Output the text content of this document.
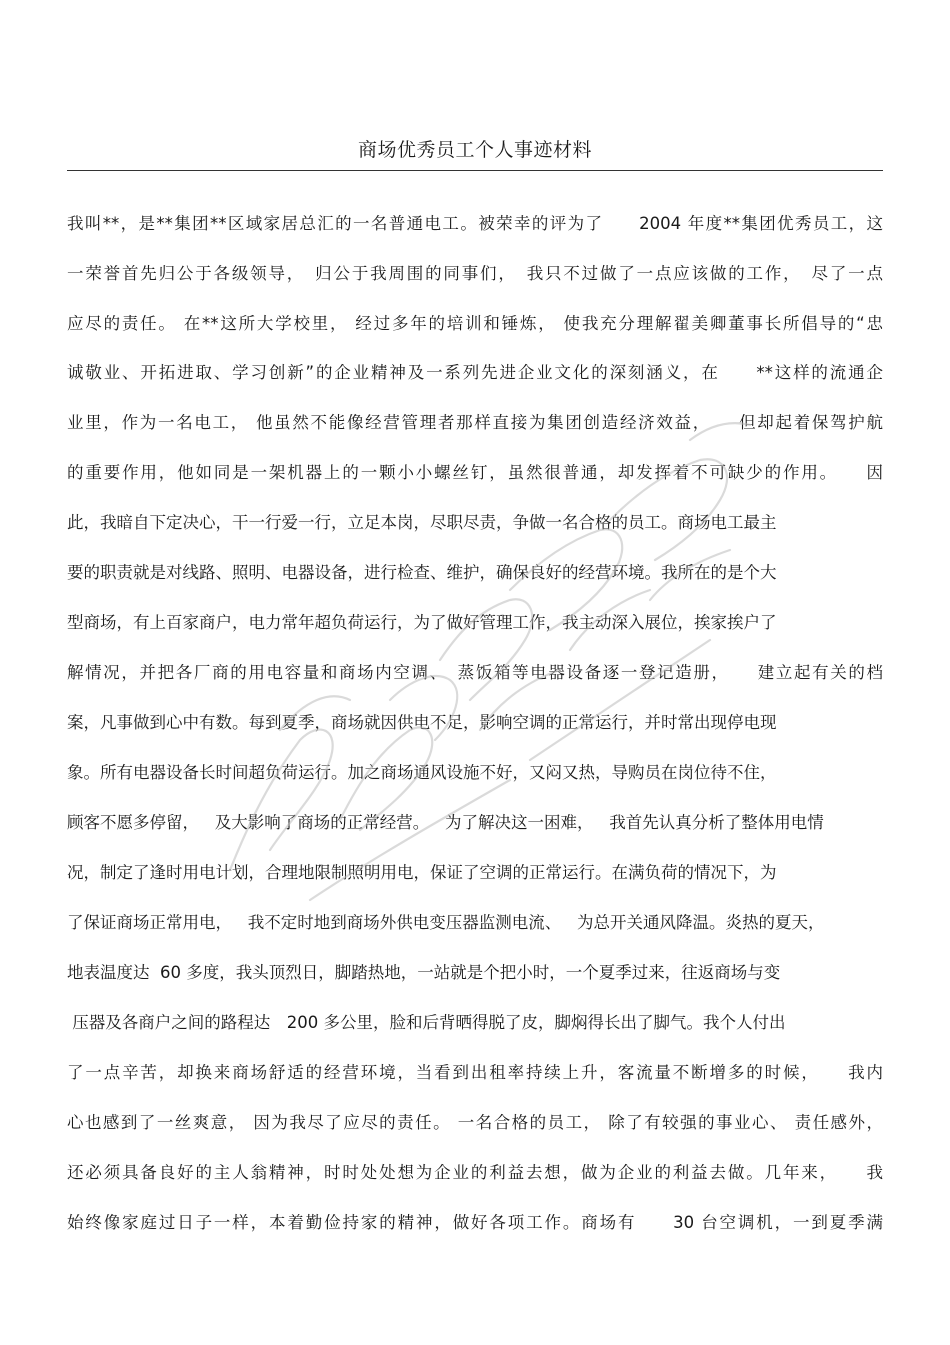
商场优秀员工个人事迹材料
我叫**，是**集团**区域家居总汇的一名普通电工。被荣幸的评为了　　2004 年度**集团优秀员工，这
一荣誉首先归公于各级领导，　归公于我周围的同事们，　我只不过做了一点应该做的工作，　尽了一点
应尽的责任。 在**这所大学校里， 经过多年的培训和锤炼， 使我充分理解翟美卿董事长所倡导的“忠
诚敬业、开拓进取、学习创新”的企业精神及一系列先进企业文化的深刻涵义，在　　**这样的流通企
业里，作为一名电工， 他虽然不能像经营管理者那样直接为集团创造经济效益，　　但却起着保驾护航
的重要作用，他如同是一架机器上的一颗小小螺丝钉，虽然很普通，却发挥着不可缺少的作用。　　因
此，我暗自下定决心，干一行爱一行，立足本岗，尽职尽责，争做一名合格的员工。商场电工最主
要的职责就是对线路、照明、电器设备，进行检查、维护，确保良好的经营环境。我所在的是个大
型商场，有上百家商户，电力常年超负荷运行，为了做好管理工作，我主动深入展位，挨家挨户了
解情况，并把各厂商的用电容量和商场内空调、　蒸饭箱等电器设备逐一登记造册，　　建立起有关的档
案，凡事做到心中有数。每到夏季，商场就因供电不足，影响空调的正常运行，并时常出现停电现
象。所有电器设备长时间超负荷运行。加之商场通风设施不好，又闷又热，导购员在岗位待不住，
顾客不愿多停留，   及大影响了商场的正常经营。   为了解决这一困难，   我首先认真分析了整体用电情
况，制定了逢时用电计划，合理地限制照明用电，保证了空调的正常运行。在满负荷的情况下，为
了保证商场正常用电，   我不定时地到商场外供电变压器监测电流、   为总开关通风降温。炎热的夏天，
地表温度达  60 多度，我头顶烈日，脚踏热地，一站就是个把小时，一个夏季过来，往返商场与变
压器及各商户之间的路程达　200 多公里，脸和后背晒得脱了皮，脚焖得长出了脚气。我个人付出
了一点辛苦，却换来商场舒适的经营环境，当看到出租率持续上升，客流量不断增多的时候，　　我内
心也感到了一丝爽意， 因为我尽了应尽的责任。 一名合格的员工， 除了有较强的事业心、 责任感外，
还必须具备良好的主人翁精神，时时处处想为企业的利益去想，做为企业的利益去做。几年来，　　我
始终像家庭过日子一样，本着勤俭持家的精神，做好各项工作。商场有　　30 台空调机，一到夏季满
